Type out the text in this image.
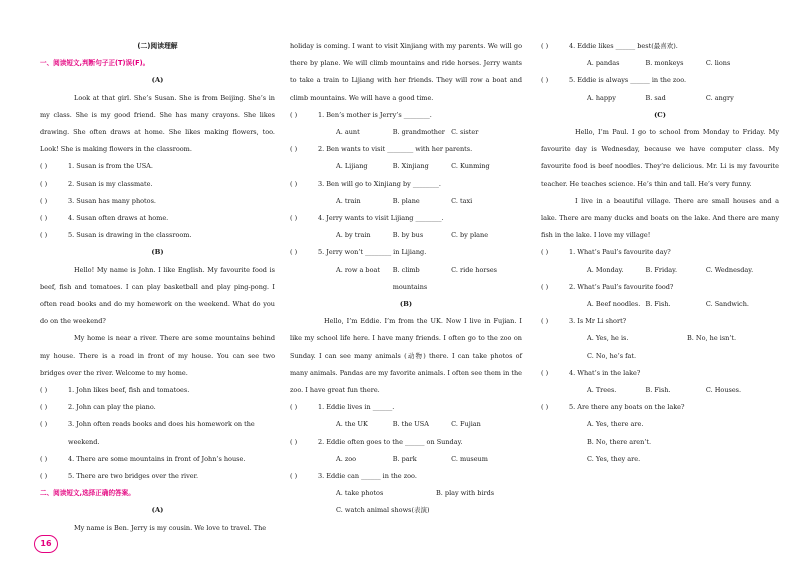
(二)阅读理解
一、阅读短文,判断句子正(T)误(F)。
(A)

Look at that girl. She’s Susan. She is from Beijing. She’s in my class. She is my good friend. She has many crayons. She likes drawing. She often draws at home. She likes making flowers, too. Look! She is making flowers in the classroom.

( )	1. Susan is from the USA.
( )	2. Susan is my classmate.
( )	3. Susan has many photos.
( )	4. Susan often draws at home.
( )	5. Susan is drawing in the classroom.
(B)

Hello! My name is John. I like English. My favourite food is beef, fish and tomatoes. I can play basketball and play ping-pong. I often read books and do my homework on the weekend. What do you do on the weekend?

My home is near a river. There are some mountains behind my house. There is a road in front of my house. You can see two bridges over the river. Welcome to my home.

( )	1. John likes beef, fish and tomatoes.
( )	2. John can play the piano.
( )	3. John often reads books and does his homework on the weekend.
( )	4. There are some mountains in front of John’s house.
( )	5. There are two bridges over the river.
二、阅读短文,选择正确的答案。
(A)

My name is Ben. Jerry is my cousin. We love to travel. The

holiday is coming. I want to visit Xinjiang with my parents. We will go there by plane. We will climb mountains and ride horses. Jerry wants to take a train to Lijiang with her friends. They will row a boat and climb mountains. We will have a good time.

( )	1. Ben’s mother is Jerry’s ________.
A. aunt	B. grandmother C. sister
( )	2. Ben wants to visit ________ with her parents.
A. Lijiang	B. Xinjiang	C. Kunming
( )	3. Ben will go to Xinjiang by ________.
A. train	B. plane	C. taxi
( )	4. Jerry wants to visit Lijiang ________.
A. by train	B. by bus	C. by plane
( )	5. Jerry won’t ________ in Lijiang.
A. row a boat	B. climb mountains
C. ride horses
(B)

Hello, I’m Eddie. I’m from the UK. Now I live in Fujian. I like my school life here. I have many friends. I often go to the zoo on Sunday. I can see many animals (动物) there. I can take photos of many animals. Pandas are my favorite animals. I often see them in the zoo. I have great fun there.

( )	1. Eddie lives in ______.
A. the UK	B. the USA	C. Fujian
( )	2. Eddie often goes to the ______ on Sunday.
A. zoo	B. park	C. museum
( )	3. Eddie can ______ in the zoo.
A. take photos	B. play with birds
C. watch animal shows(表演)
( )	4. Eddie likes ______ best(最喜欢).
A. pandas	B. monkeys	C. lions
( )	5. Eddie is always ______ in the zoo.
A. happy	B. sad	C. angry
(C)

Hello, I’m Paul. I go to school from Monday to Friday. My favourite day is Wednesday, because we have computer class. My favourite food is beef noodles. They’re delicious. Mr. Li is my favourite teacher. He teaches science. He’s thin and tall. He’s very funny.

I live in a beautiful village. There are small houses and a lake. There are many ducks and boats on the lake. And there are many fish in the lake. I love my village!

( )	1. What’s Paul’s favourite day?
A. Monday.	B. Friday.	C. Wednesday.
( )	2. What’s Paul’s favourite food?
A. Beef noodles. B. Fish.	C. Sandwich.
( )	3. Is Mr Li short?
A. Yes, he is.	B. No, he isn’t.
C. No, he’s fat.
( )	4. What’s in the lake?
A. Trees.	B. Fish.	C. Houses.
( )	5. Are there any boats on the lake?
A. Yes, there are.
B. No, there aren’t.
C. Yes, they are.
16
